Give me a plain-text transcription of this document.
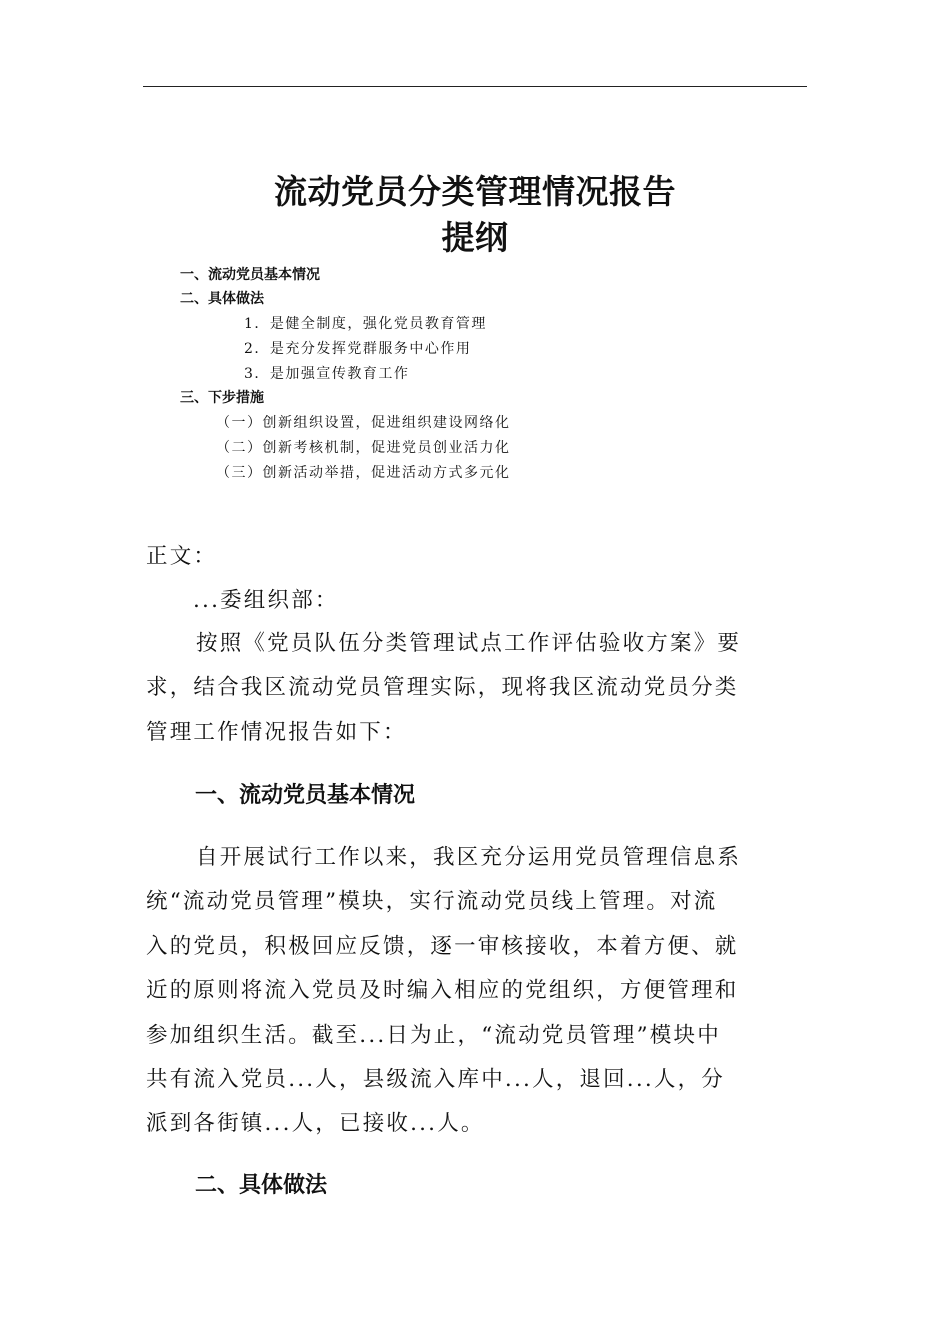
流动党员分类管理情况报告
提纲
一、流动党员基本情况
二、具体做法
1．是健全制度，强化党员教育管理
2．是充分发挥党群服务中心作用
3．是加强宣传教育工作
三、下步措施
（一）创新组织设置，促进组织建设网络化
（二）创新考核机制，促进党员创业活力化
（三）创新活动举措，促进活动方式多元化
正文：
...委组织部：
按照《党员队伍分类管理试点工作评估验收方案》要
求，结合我区流动党员管理实际，现将我区流动党员分类
管理工作情况报告如下：
一、流动党员基本情况
自开展试行工作以来，我区充分运用党员管理信息系
统“流动党员管理”模块，实行流动党员线上管理。对流
入的党员，积极回应反馈，逐一审核接收，本着方便、就
近的原则将流入党员及时编入相应的党组织，方便管理和
参加组织生活。截至...日为止，“流动党员管理”模块中
共有流入党员...人，县级流入库中...人，退回...人，分
派到各街镇...人，已接收...人。
二、具体做法
